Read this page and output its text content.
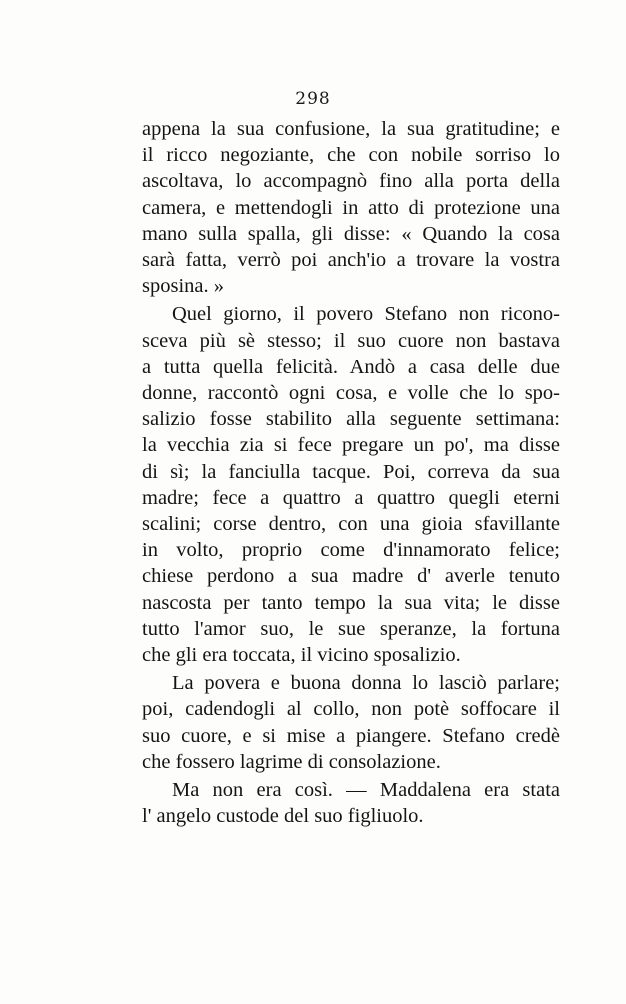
298

appena la sua confusione, la sua gratitudine; e
il ricco negoziante, che con nobile sorriso lo
ascoltava, lo accompagnò fino alla porta della
camera, e mettendogli in atto di protezione una
mano sulla spalla, gli disse: « Quando la cosa
sarà fatta, verrò poi anch'io a trovare la vostra
sposina. »

Quel giorno, il povero Stefano non ricono-
sceva più sè stesso; il suo cuore non bastava
a tutta quella felicità. Andò a casa delle due
donne, raccontò ogni cosa, e volle che lo spo-
salizio fosse stabilito alla seguente settimana:
la vecchia zia si fece pregare un po', ma disse
di sì; la fanciulla tacque. Poi, correva da sua
madre; fece a quattro a quattro quegli eterni
scalini; corse dentro, con una gioia sfavillante
in volto, proprio come d'innamorato felice;
chiese perdono a sua madre d' averle tenuto
nascosta per tanto tempo la sua vita; le disse
tutto l'amor suo, le sue speranze, la fortuna
che gli era toccata, il vicino sposalizio.

La povera e buona donna lo lasciò parlare;
poi, cadendogli al collo, non potè soffocare il
suo cuore, e si mise a piangere. Stefano credè
che fossero lagrime di consolazione.

Ma non era così. — Maddalena era stata
l' angelo custode del suo figliuolo.
